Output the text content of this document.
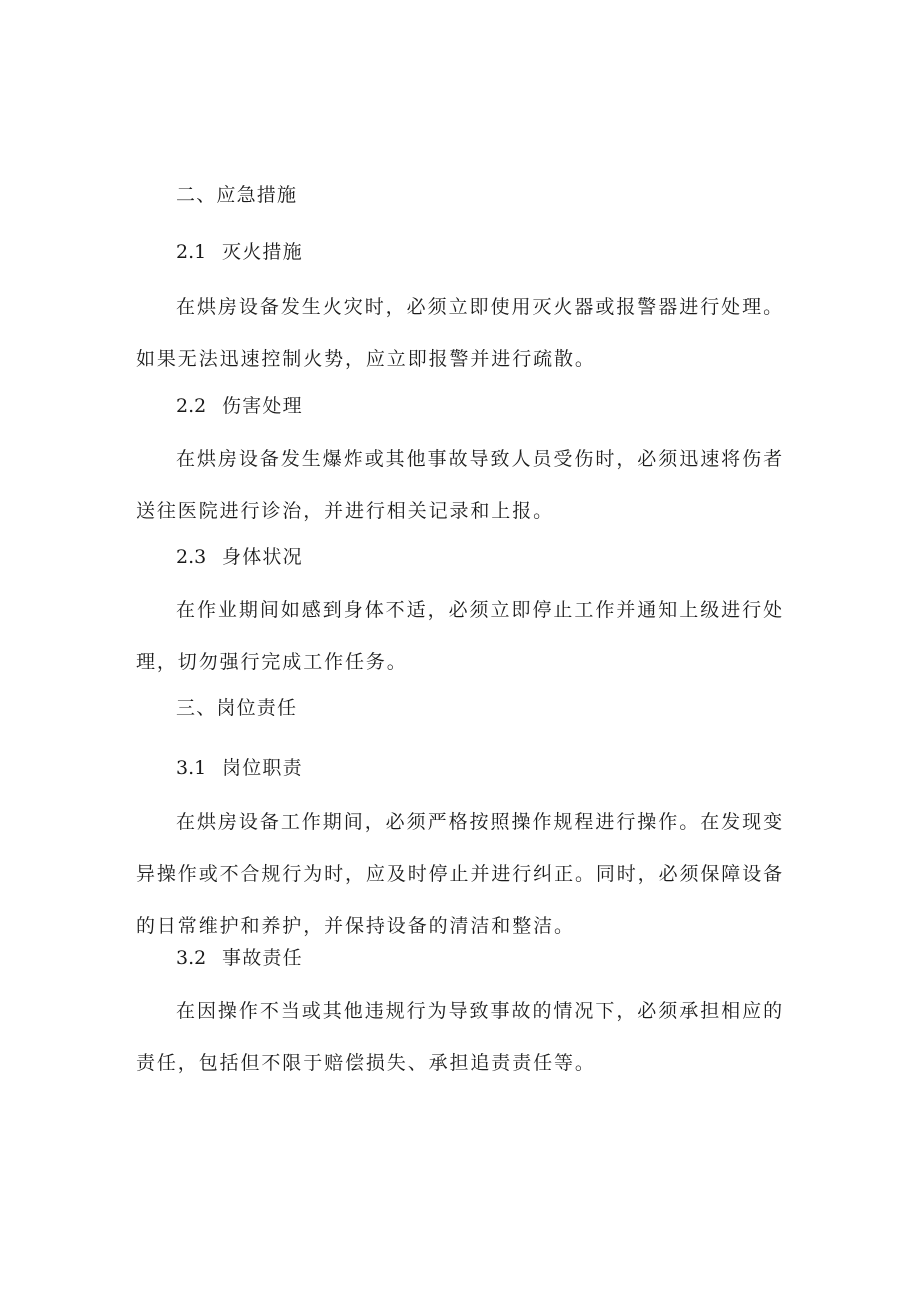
二、应急措施
2.1 灭火措施
在烘房设备发生火灾时，必须立即使用灭火器或报警器进行处理。如果无法迅速控制火势，应立即报警并进行疏散。
2.2 伤害处理
在烘房设备发生爆炸或其他事故导致人员受伤时，必须迅速将伤者送往医院进行诊治，并进行相关记录和上报。
2.3 身体状况
在作业期间如感到身体不适，必须立即停止工作并通知上级进行处理，切勿强行完成工作任务。
三、岗位责任
3.1 岗位职责
在烘房设备工作期间，必须严格按照操作规程进行操作。在发现变异操作或不合规行为时，应及时停止并进行纠正。同时，必须保障设备的日常维护和养护，并保持设备的清洁和整洁。
3.2 事故责任
在因操作不当或其他违规行为导致事故的情况下，必须承担相应的责任，包括但不限于赔偿损失、承担追责责任等。
